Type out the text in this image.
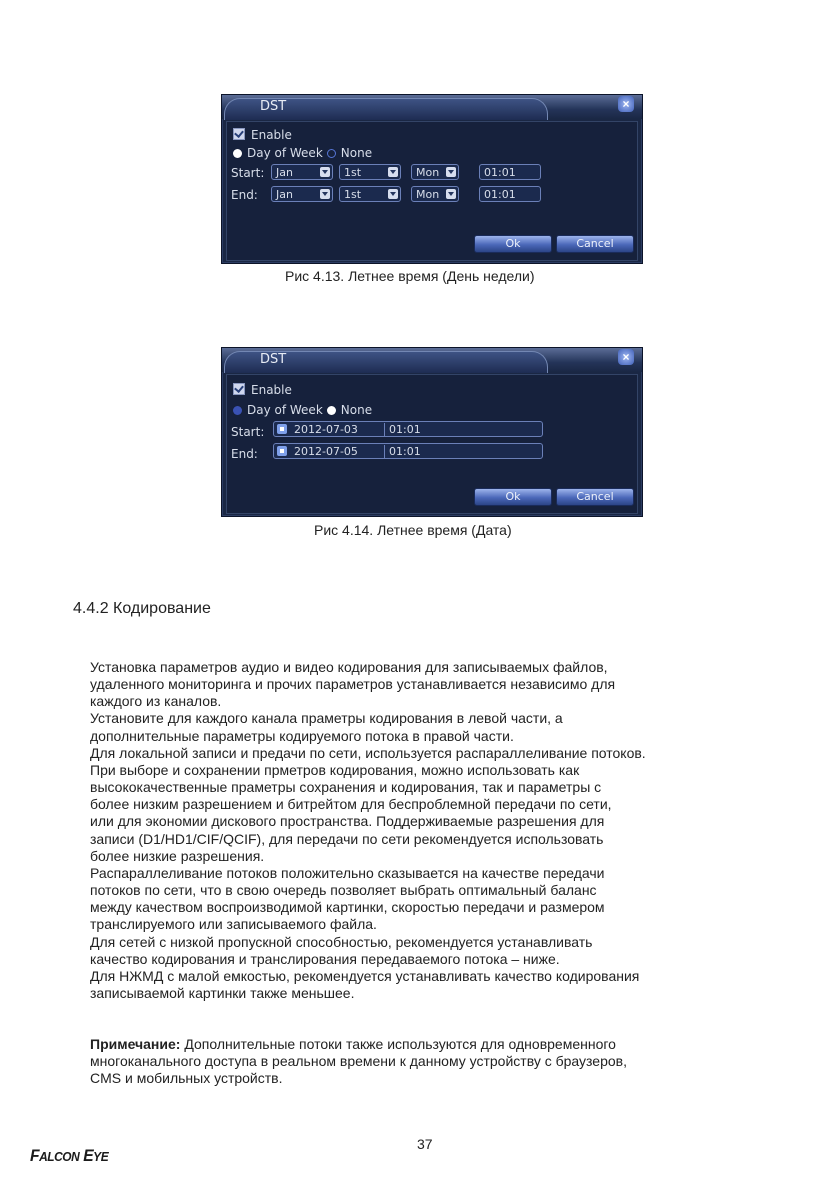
DST	×
Enable
Day of Week None
Start:	Jan	1st	Mon	01:01
End:	Jan	1st	Mon	01:01
Ok	Cancel
Рис 4.13. Летнее время (День недели)
DST	×
Enable
Day of Week None
Start:	2012-07-03	01:01
End:	2012-07-05	01:01
Ok	Cancel
Рис 4.14. Летнее время (Дата)
4.4.2 Кодирование

Установка параметров аудио и видео кодирования для записываемых файлов,

удаленного мониторинга и прочих параметров устанавливается независимо для

каждого из каналов.

Установите для каждого канала праметры кодирования в левой части, а

дополнительные параметры кодируемого потока в правой части.

Для локальной записи и предачи по сети, используется распараллеливание потоков.

При выборе и сохранении прметров кодирования, можно использовать как

высококачественные праметры сохранения и кодирования, так и параметры с

более низким разрешением и битрейтом для беспроблемной передачи по сети,

или для экономии дискового пространства. Поддерживаемые разрешения для

записи (D1/HD1/CIF/QCIF), для передачи по сети рекомендуется использовать

более низкие разрешения.

Распараллеливание потоков положительно сказывается на качестве передачи

потоков по сети, что в свою очередь позволяет выбрать оптимальный баланс

между качеством воспроизводимой картинки, скоростью передачи и размером

транслируемого или записываемого файла.

Для сетей с низкой пропускной способностью, рекомендуется устанавливать

качество кодирования и транслирования передаваемого потока – ниже.

Для НЖМД с малой емкостью, рекомендуется устанавливать качество кодирования

записываемой картинки также меньшее.

Примечание: Дополнительные потоки также используются для одновременного

многоканального доступа в реальном времени к данному устройству с браузеров,

CMS и мобильных устройств.

37
FALCON EYE
